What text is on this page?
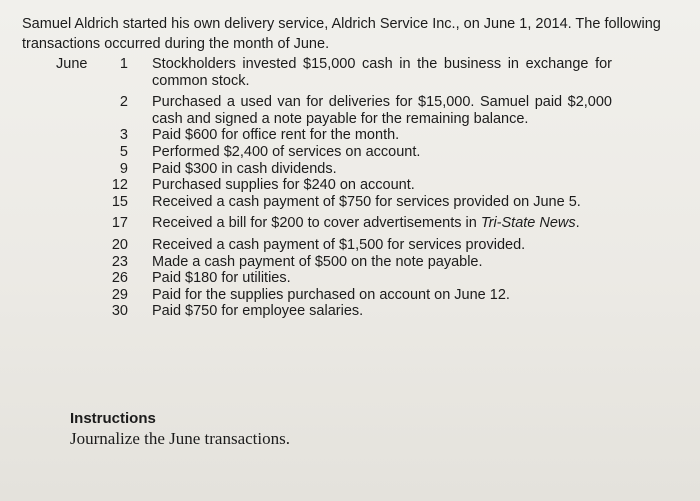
Samuel Aldrich started his own delivery service, Aldrich Service Inc., on June 1, 2014. The following transactions occurred during the month of June.
June	1 Stockholders invested $15,000 cash in the business in exchange for common stock.
2 Purchased a used van for deliveries for $15,000. Samuel paid $2,000 cash and signed a note payable for the remaining balance.
3 Paid $600 for office rent for the month.
5 Performed $2,400 of services on account.
9 Paid $300 in cash dividends.
12 Purchased supplies for $240 on account.
15 Received a cash payment of $750 for services provided on June 5.
17 Received a bill for $200 to cover advertisements in Tri-State News.
20 Received a cash payment of $1,500 for services provided.
23 Made a cash payment of $500 on the note payable.
26 Paid $180 for utilities.
29 Paid for the supplies purchased on account on June 12.
30 Paid $750 for employee salaries.
Instructions
Journalize the June transactions.
